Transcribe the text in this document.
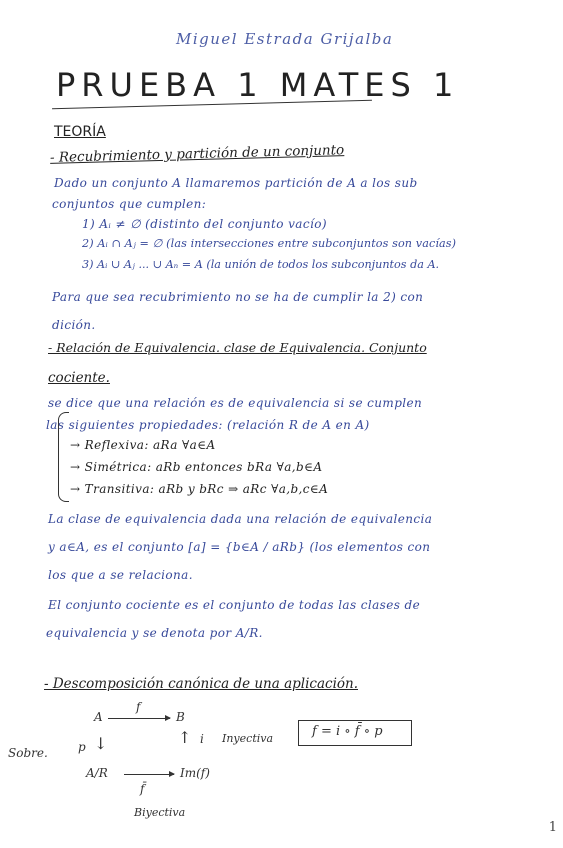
Miguel Estrada Grijalba
PRUEBA 1 MATES 1
TEORÍA
- Recubrimiento y partición de un conjunto
Dado un conjunto A llamaremos partición de A a los sub
conjuntos que cumplen:
1) Aᵢ ≠ ∅ (distinto del conjunto vacío)
2) Aᵢ ∩ Aⱼ = ∅ (las intersecciones entre subconjuntos son vacías)
3) Aᵢ ∪ Aⱼ ... ∪ Aₙ = A (la unión de todos los subconjuntos da A.
Para que sea recubrimiento no se ha de cumplir la 2) con
dición.
- Relación de Equivalencia. clase de Equivalencia. Conjunto
cociente.
se dice que una relación es de equivalencia si se cumplen
las siguientes propiedades: (relación R de A en A)
→ Reflexiva: aRa ∀a∈A
→ Simétrica: aRb entonces bRa ∀a,b∈A
→ Transitiva: aRb y bRc ⇒ aRc ∀a,b,c∈A
La clase de equivalencia dada una relación de equivalencia
y a∈A, es el conjunto [a] = {b∈A / aRb} (los elementos con
los que a se relaciona.
El conjunto cociente es el conjunto de todas las clases de
equivalencia y se denota por A/R.
- Descomposición canónica de una aplicación.
A
f
B
Sobre.	p ↓	↑ i Inyectiva	f = i ∘ f̄ ∘ p
A/R	Im(f)
f̄
Biyectiva
1
